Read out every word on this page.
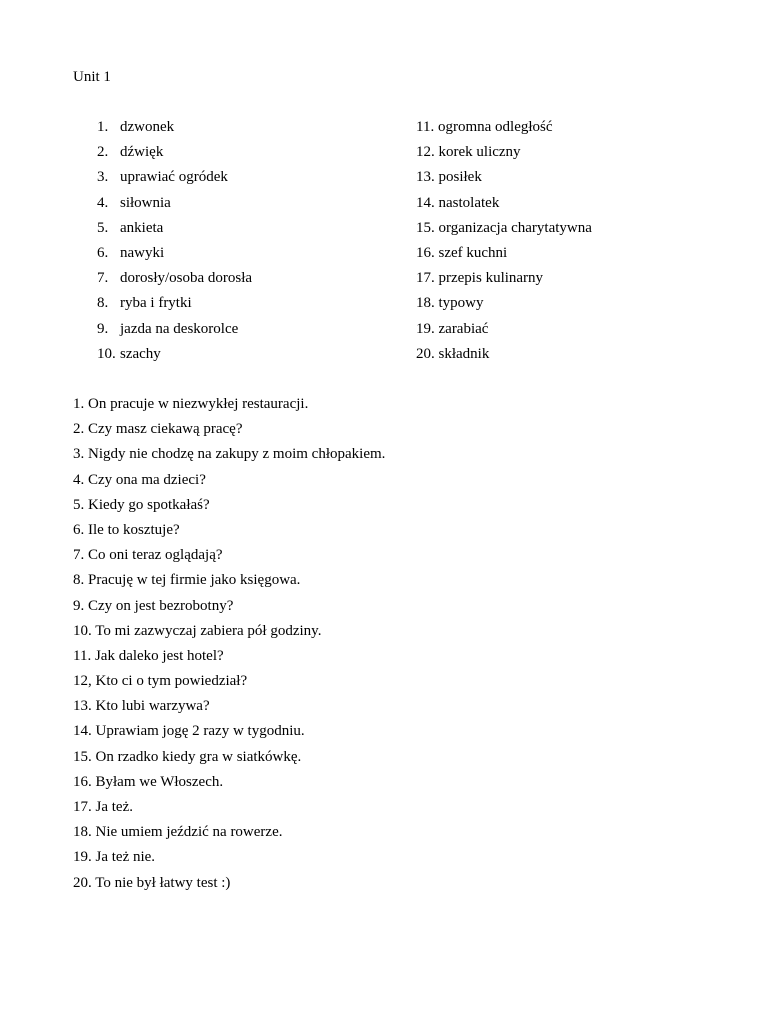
Unit 1
1. dzwonek
2. dźwięk
3. uprawiać ogródek
4. siłownia
5. ankieta
6. nawyki
7. dorosły/osoba dorosła
8. ryba i frytki
9. jazda na deskorolce
10. szachy
11. ogromna odległość
12. korek uliczny
13. posiłek
14. nastolatek
15. organizacja charytatywna
16. szef kuchni
17. przepis kulinarny
18. typowy
19. zarabiać
20. składnik
1. On pracuje w niezwykłej restauracji.
2. Czy masz ciekawą pracę?
3. Nigdy nie chodzę na zakupy z moim chłopakiem.
4. Czy ona ma dzieci?
5. Kiedy go spotkałaś?
6. Ile to kosztuje?
7. Co oni teraz oglądają?
8. Pracuję w tej firmie jako księgowa.
9. Czy on jest bezrobotny?
10. To mi zazwyczaj zabiera pół godziny.
11. Jak daleko jest hotel?
12, Kto ci o tym powiedział?
13. Kto lubi warzywa?
14. Uprawiam jogę 2 razy w tygodniu.
15. On rzadko kiedy gra w siatkówkę.
16. Byłam we Włoszech.
17. Ja też.
18. Nie umiem jeździć na rowerze.
19. Ja też nie.
20. To nie był łatwy test :)
